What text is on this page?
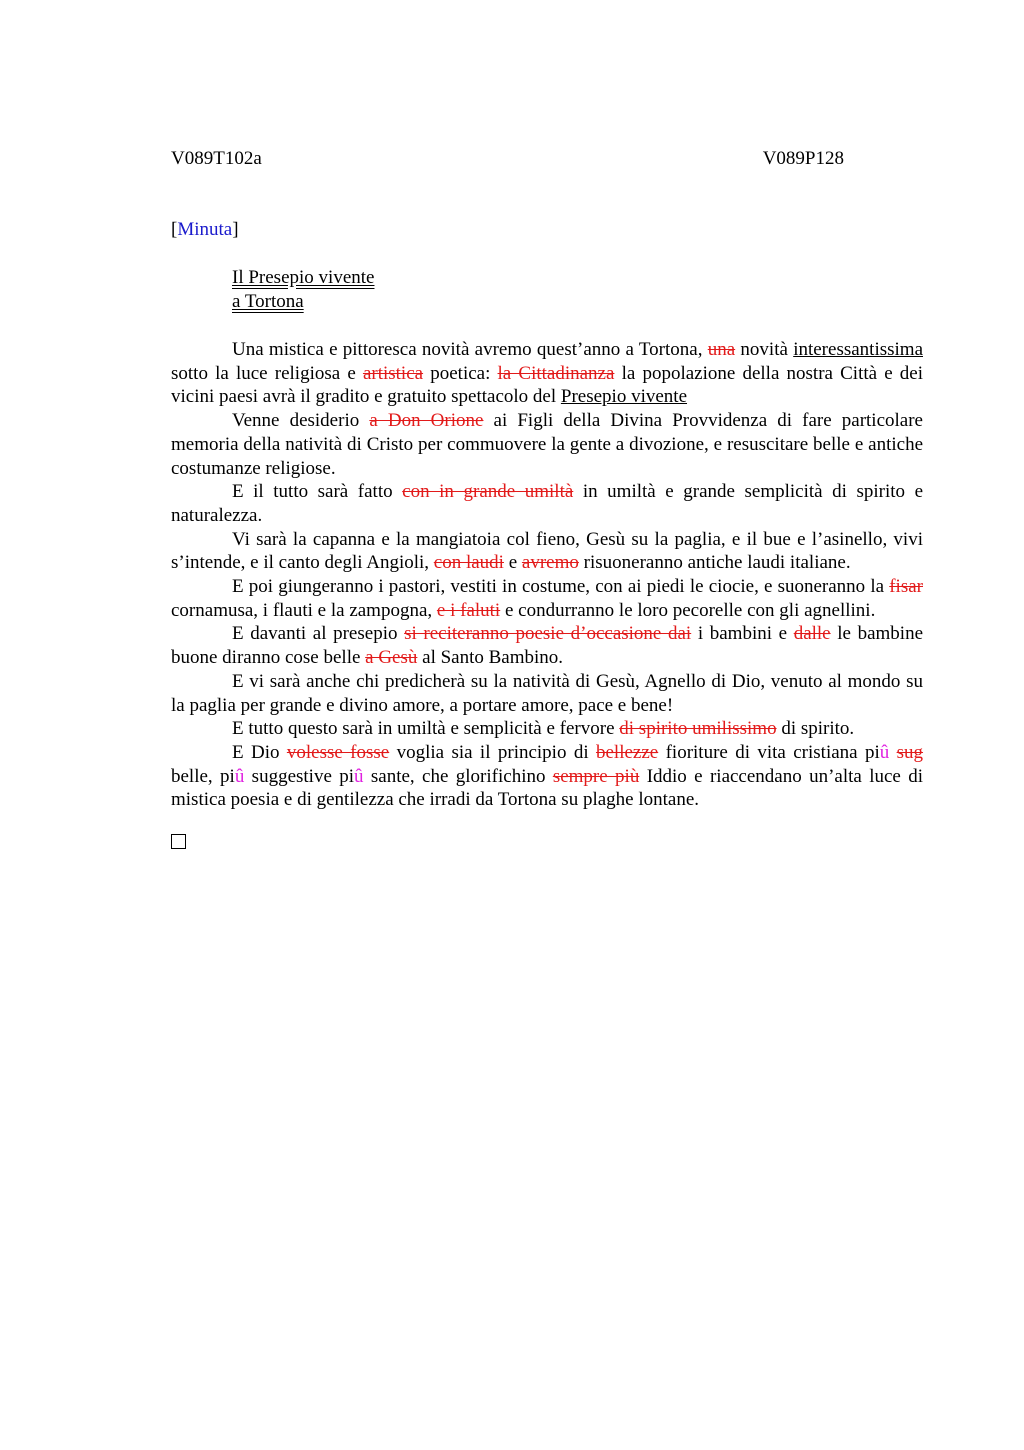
V089T102a	V089P128
[Minuta]
Il Presepio vivente
a Tortona

Una mistica e pittoresca novità avremo quest’anno a Tortona, una novità interessantissima sotto la luce religiosa e artistica poetica: la Cittadinanza la popolazione della nostra Città e dei vicini paesi avrà il gradito e gratuito spettacolo del Presepio vivente

Venne desiderio a Don Orione ai Figli della Divina Provvidenza di fare particolare memoria della natività di Cristo per commuovere la gente a divozione, e resuscitare belle e antiche costumanze religiose.

E il tutto sarà fatto con in grande umiltà in umiltà e grande semplicità di spirito e naturalezza.

Vi sarà la capanna e la mangiatoia col fieno, Gesù su la paglia, e il bue e l’asinello, vivi s’intende, e il canto degli Angioli, con laudi e avremo risuoneranno antiche laudi italiane.

E poi giungeranno i pastori, vestiti in costume, con ai piedi le ciocie, e suoneranno la fisar cornamusa, i flauti e la zampogna, e i faluti e condurranno le loro pecorelle con gli agnellini.

E davanti al presepio si reciteranno poesie d’occasione dai i bambini e dalle le bambine buone diranno cose belle a Gesù al Santo Bambino.

E vi sarà anche chi predicherà su la natività di Gesù, Agnello di Dio, venuto al mondo su la paglia per grande e divino amore, a portare amore, pace e bene!

E tutto questo sarà in umiltà e semplicità e fervore di spirito umilissimo di spirito.

E Dio volesse fosse voglia sia il principio di bellezze fioriture di vita cristiana piû sug belle, piû suggestive piû sante, che glorifichino sempre più Iddio e riaccendano un’alta luce di mistica poesia e di gentilezza che irradi da Tortona su plaghe lontane.
